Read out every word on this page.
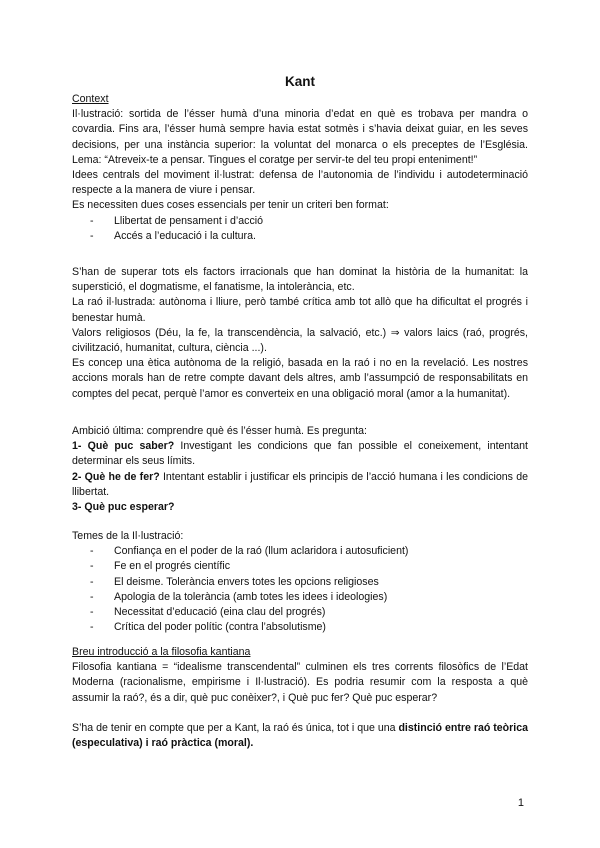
Kant

Context

Il·lustració: sortida de l’ésser humà d’una minoria d’edat en què es trobava per mandra o covardia. Fins ara, l’ésser humà sempre havia estat sotmès i s’havia deixat guiar, en les seves decisions, per una instància superior: la voluntat del monarca o els preceptes de l’Església. Lema: “Atreveix-te a pensar. Tingues el coratge per servir-te del teu propi enteniment!”

Idees centrals del moviment il·lustrat: defensa de l’autonomia de l’individu i autodeterminació respecte a la manera de viure i pensar.

Es necessiten dues coses essencials per tenir un criteri ben format:

- Llibertat de pensament i d’acció
- Accés a l’educació i la cultura.

S’han de superar tots els factors irracionals que han dominat la història de la humanitat: la superstició, el dogmatisme, el fanatisme, la intolerància, etc.

La raó il·lustrada: autònoma i lliure, però també crítica amb tot allò que ha dificultat el progrés i benestar humà.

Valors religiosos (Déu, la fe, la transcendència, la salvació, etc.) ⇒ valors laics (raó, progrés, civilització, humanitat, cultura, ciència ...).

Es concep una ètica autònoma de la religió, basada en la raó i no en la revelació. Les nostres accions morals han de retre compte davant dels altres, amb l’assumpció de responsabilitats en comptes del pecat, perquè l’amor es converteix en una obligació moral (amor a la humanitat).

Ambició última: comprendre què és l’ésser humà. Es pregunta:

1- Què puc saber? Investigant les condicions que fan possible el coneixement, intentant determinar els seus límits.

2- Què he de fer? Intentant establir i justificar els principis de l’acció humana i les condicions de llibertat.

3- Què puc esperar?

Temes de la Il·lustració:

- Confiança en el poder de la raó (llum aclaridora i autosuficient)
- Fe en el progrés científic
- El deisme. Tolerància envers totes les opcions religioses
- Apologia de la tolerància (amb totes les idees i ideologies)
- Necessitat d’educació (eina clau del progrés)
- Crítica del poder polític (contra l’absolutisme)

Breu introducció a la filosofia kantiana

Filosofia kantiana = “idealisme transcendental” culminen els tres corrents filosòfics de l’Edat Moderna (racionalisme, empirisme i Il·lustració). Es podria resumir com la resposta a què assumir la raó?, és a dir, què puc conèixer?, i Què puc fer? Què puc esperar?

S’ha de tenir en compte que per a Kant, la raó és única, tot i que una distinció entre raó teòrica (especulativa) i raó pràctica (moral).

1
